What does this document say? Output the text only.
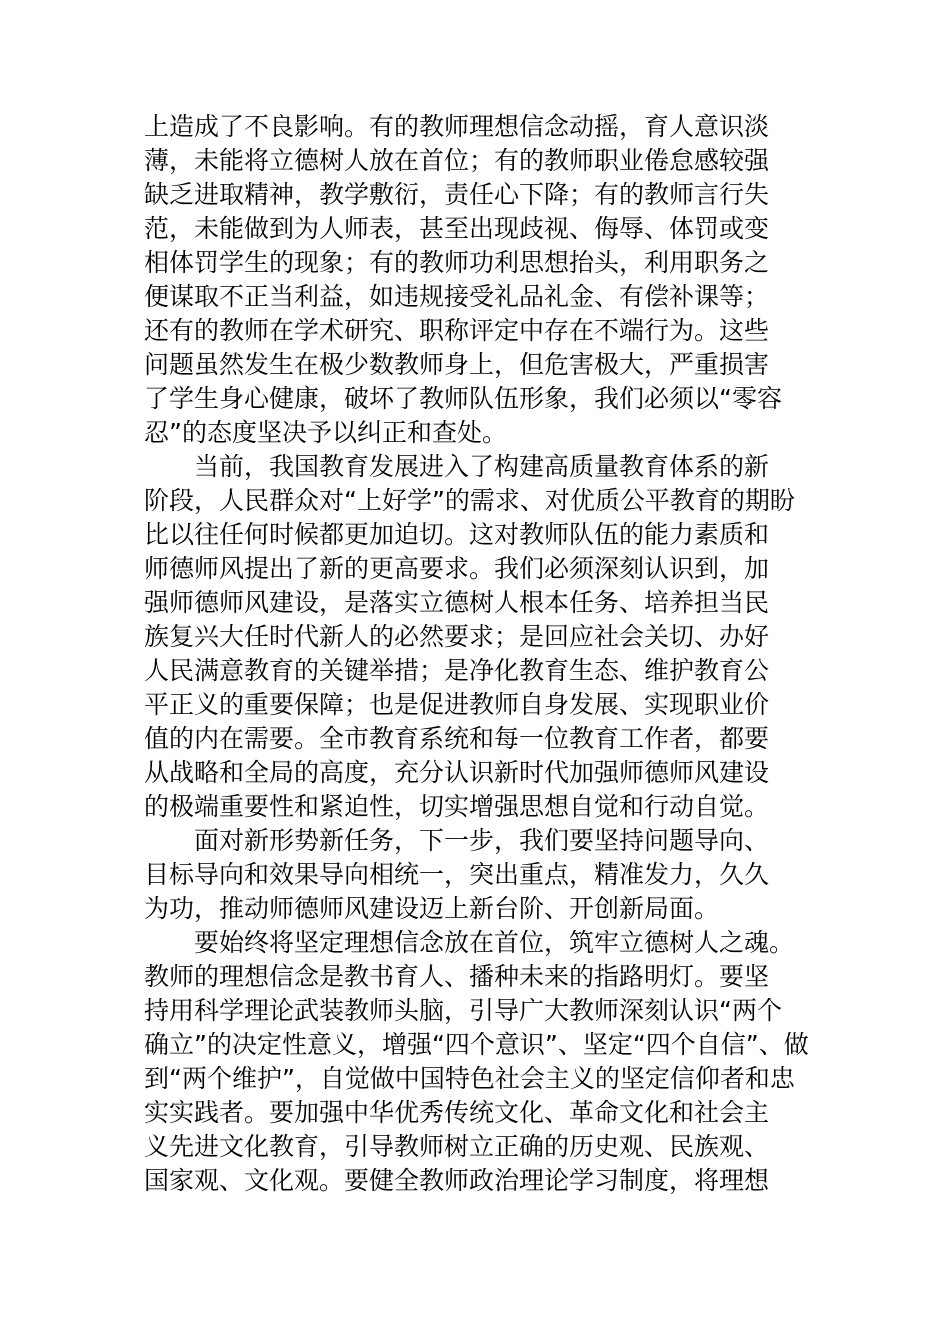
上造成了不良影响。有的教师理想信念动摇，育人意识淡
薄，未能将立德树人放在首位；有的教师职业倦怠感较强
缺乏进取精神，教学敷衍，责任心下降；有的教师言行失
范，未能做到为人师表，甚至出现歧视、侮辱、体罚或变
相体罚学生的现象；有的教师功利思想抬头，利用职务之
便谋取不正当利益，如违规接受礼品礼金、有偿补课等；
还有的教师在学术研究、职称评定中存在不端行为。这些
问题虽然发生在极少数教师身上，但危害极大，严重损害
了学生身心健康，破坏了教师队伍形象，我们必须以“零容
忍”的态度坚决予以纠正和查处。
　　当前，我国教育发展进入了构建高质量教育体系的新
阶段，人民群众对“上好学”的需求、对优质公平教育的期盼
比以往任何时候都更加迫切。这对教师队伍的能力素质和
师德师风提出了新的更高要求。我们必须深刻认识到，加
强师德师风建设，是落实立德树人根本任务、培养担当民
族复兴大任时代新人的必然要求；是回应社会关切、办好
人民满意教育的关键举措；是净化教育生态、维护教育公
平正义的重要保障；也是促进教师自身发展、实现职业价
值的内在需要。全市教育系统和每一位教育工作者，都要
从战略和全局的高度，充分认识新时代加强师德师风建设
的极端重要性和紧迫性，切实增强思想自觉和行动自觉。
　　面对新形势新任务，下一步，我们要坚持问题导向、
目标导向和效果导向相统一，突出重点，精准发力，久久
为功，推动师德师风建设迈上新台阶、开创新局面。
　　要始终将坚定理想信念放在首位，筑牢立德树人之魂。
教师的理想信念是教书育人、播种未来的指路明灯。要坚
持用科学理论武装教师头脑，引导广大教师深刻认识“两个
确立”的决定性意义，增强“四个意识”、坚定“四个自信”、做
到“两个维护”，自觉做中国特色社会主义的坚定信仰者和忠
实实践者。要加强中华优秀传统文化、革命文化和社会主
义先进文化教育，引导教师树立正确的历史观、民族观、
国家观、文化观。要健全教师政治理论学习制度，将理想
